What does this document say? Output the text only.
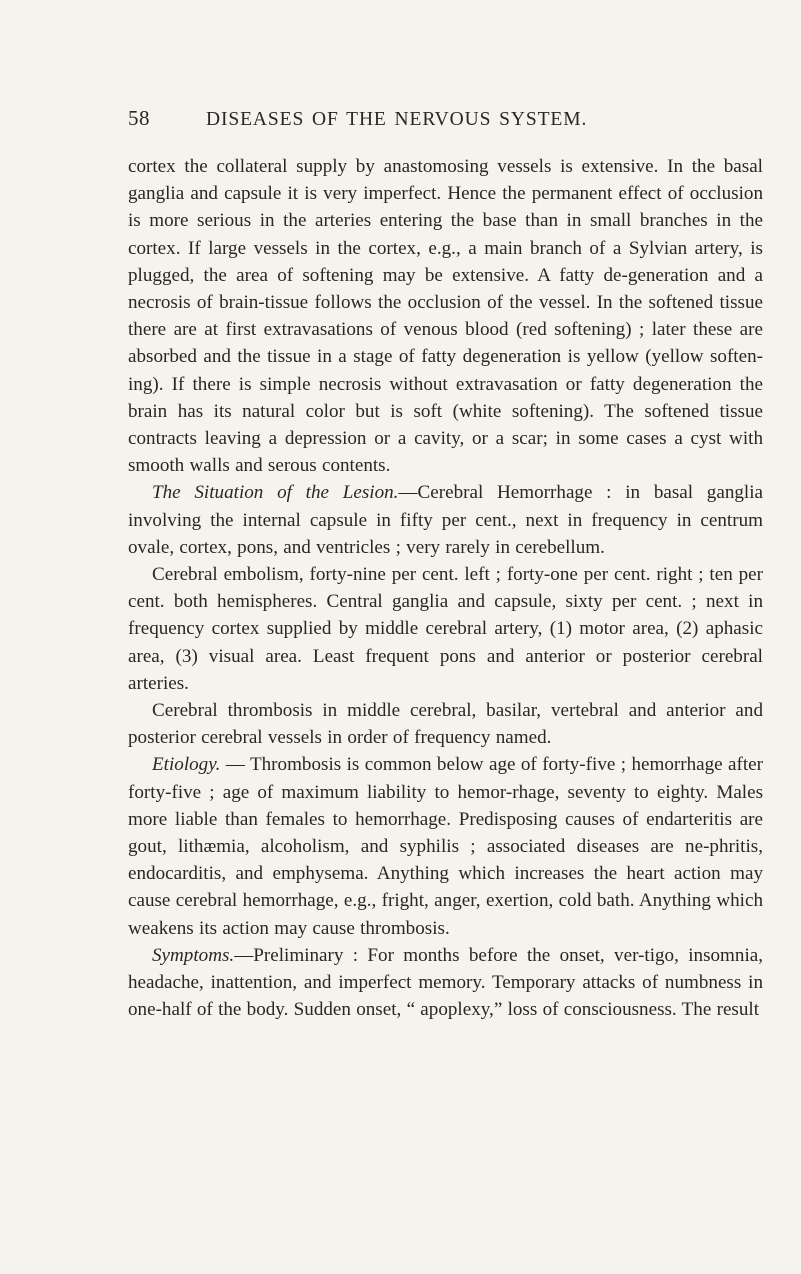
58	DISEASES OF THE NERVOUS SYSTEM.

cortex the collateral supply by anastomosing vessels is extensive. In the basal ganglia and capsule it is very imperfect. Hence the permanent effect of occlusion is more serious in the arteries entering the base than in small branches in the cortex. If large vessels in the cortex, e.g., a main branch of a Sylvian artery, is plugged, the area of softening may be extensive. A fatty de-generation and a necrosis of brain-tissue follows the occlusion of the vessel. In the softened tissue there are at first extravasations of venous blood (red softening) ; later these are absorbed and the tissue in a stage of fatty degeneration is yellow (yellow soften-ing). If there is simple necrosis without extravasation or fatty degeneration the brain has its natural color but is soft (white softening). The softened tissue contracts leaving a depression or a cavity, or a scar; in some cases a cyst with smooth walls and serous contents.

The Situation of the Lesion.—Cerebral Hemorrhage : in basal ganglia involving the internal capsule in fifty per cent., next in frequency in centrum ovale, cortex, pons, and ventricles ; very rarely in cerebellum.

Cerebral embolism, forty-nine per cent. left ; forty-one per cent. right ; ten per cent. both hemispheres. Central ganglia and capsule, sixty per cent. ; next in frequency cortex supplied by middle cerebral artery, (1) motor area, (2) aphasic area, (3) visual area. Least frequent pons and anterior or posterior cerebral arteries.

Cerebral thrombosis in middle cerebral, basilar, vertebral and anterior and posterior cerebral vessels in order of frequency named.

Etiology. — Thrombosis is common below age of forty-five ; hemorrhage after forty-five ; age of maximum liability to hemor-rhage, seventy to eighty. Males more liable than females to hemorrhage. Predisposing causes of endarteritis are gout, lithæmia, alcoholism, and syphilis ; associated diseases are ne-phritis, endocarditis, and emphysema. Anything which increases the heart action may cause cerebral hemorrhage, e.g., fright, anger, exertion, cold bath. Anything which weakens its action may cause thrombosis.

Symptoms.—Preliminary : For months before the onset, ver-tigo, insomnia, headache, inattention, and imperfect memory. Temporary attacks of numbness in one-half of the body. Sudden onset, “ apoplexy,” loss of consciousness. The result
